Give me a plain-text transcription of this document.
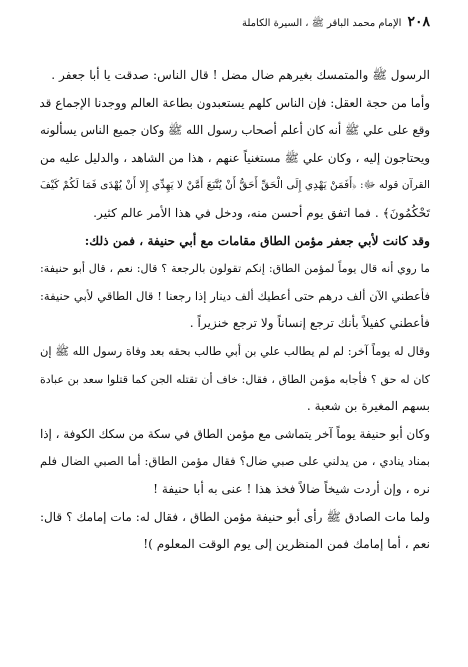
٢٠٨
الإمام محمد الباقر ﷺ ، السيرة الكاملة
الرسول ﷺ والمتمسك بغيرهم ضال مضل ! قال الناس: صدقت يا أبا جعفر .
وأما من حجة العقل: فإن الناس كلهم يستعبدون بطاعة العالم ووجدنا الإجماع قد
وقع على علي ﷺ أنه كان أعلم أصحاب رسول الله ﷺ وكان جميع الناس يسألونه
ويحتاجون إليه ، وكان علي ﷺ مستغنياً عنهم ، هذا من الشاهد ، والدليل عليه من
القرآن قوله ﷻ: ﴿أَفَمَنْ يَهْدِي إِلَى الْحَقِّ أَحَقُّ أَنْ يُتَّبَعَ أَمَّنْ لا يَهِدِّي إِلا أَنْ يُهْدَى فَمَا لَكُمْ كَيْفَ
تَحْكُمُونَ﴾ . فما اتفق يوم أحسن منه، ودخل في هذا الأمر عالم كثير.
وقد كانت لأبي جعفر مؤمن الطاق مقامات مع أبي حنيفة ، فمن ذلك:
ما روي أنه قال يوماً لمؤمن الطاق: إنكم تقولون بالرجعة ؟ قال: نعم ، قال أبو حنيفة:
فأعطني الآن ألف درهم حتى أعطيك ألف دينار إذا رجعنا ! قال الطاقي لأبي حنيفة:
فأعطني كفيلاً بأنك ترجع إنساناً ولا ترجع خنزيراً .
وقال له يوماً آخر: لم لم يطالب علي بن أبي طالب بحقه بعد وفاة رسول الله ﷺ إن
كان له حق ؟ فأجابه مؤمن الطاق ، فقال: خاف أن تقتله الجن كما قتلوا سعد بن عبادة
بسهم المغيرة بن شعبة .
وكان أبو حنيفة يوماً آخر يتماشى مع مؤمن الطاق في سكة من سكك الكوفة ، إذا
بمناد ينادي ، من يدلني على صبي ضال؟ فقال مؤمن الطاق: أما الصبي الضال فلم
نره ، وإن أردت شيخاً ضالاً فخذ هذا ! عنى به أبا حنيفة !
ولما مات الصادق ﷺ رأى أبو حنيفة مؤمن الطاق ، فقال له: مات إمامك ؟ قال:
نعم ، أما إمامك فمن المنظرين إلى يوم الوقت المعلوم )!
